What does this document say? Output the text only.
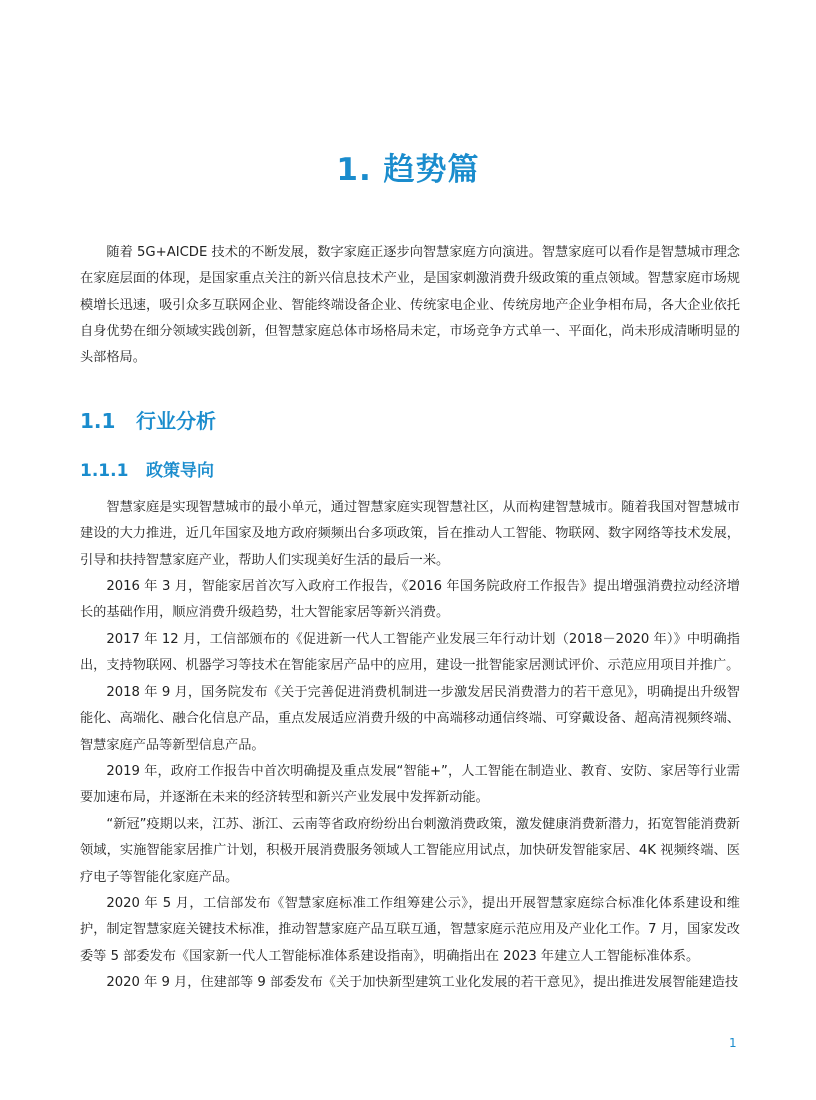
1. 趋势篇

随着 5G+AICDE 技术的不断发展，数字家庭正逐步向智慧家庭方向演进。智慧家庭可以看作是智慧城市理念在家庭层面的体现，是国家重点关注的新兴信息技术产业，是国家刺激消费升级政策的重点领域。智慧家庭市场规模增长迅速，吸引众多互联网企业、智能终端设备企业、传统家电企业、传统房地产企业争相布局，各大企业依托自身优势在细分领域实践创新，但智慧家庭总体市场格局未定，市场竞争方式单一、平面化，尚未形成清晰明显的头部格局。

1.1 行业分析
1.1.1 政策导向

智慧家庭是实现智慧城市的最小单元，通过智慧家庭实现智慧社区，从而构建智慧城市。随着我国对智慧城市建设的大力推进，近几年国家及地方政府频频出台多项政策，旨在推动人工智能、物联网、数字网络等技术发展，引导和扶持智慧家庭产业，帮助人们实现美好生活的最后一米。

2016 年 3 月，智能家居首次写入政府工作报告，《2016 年国务院政府工作报告》提出增强消费拉动经济增长的基础作用，顺应消费升级趋势，壮大智能家居等新兴消费。

2017 年 12 月，工信部颁布的《促进新一代人工智能产业发展三年行动计划（2018－2020 年）》中明确指出，支持物联网、机器学习等技术在智能家居产品中的应用，建设一批智能家居测试评价、示范应用项目并推广。

2018 年 9 月，国务院发布《关于完善促进消费机制进一步激发居民消费潜力的若干意见》，明确提出升级智能化、高端化、融合化信息产品，重点发展适应消费升级的中高端移动通信终端、可穿戴设备、超高清视频终端、智慧家庭产品等新型信息产品。

2019 年，政府工作报告中首次明确提及重点发展“智能+”，人工智能在制造业、教育、安防、家居等行业需要加速布局，并逐渐在未来的经济转型和新兴产业发展中发挥新动能。

“新冠”疫期以来，江苏、浙江、云南等省政府纷纷出台刺激消费政策，激发健康消费新潜力，拓宽智能消费新领域，实施智能家居推广计划，积极开展消费服务领域人工智能应用试点，加快研发智能家居、4K 视频终端、医疗电子等智能化家庭产品。

2020 年 5 月，工信部发布《智慧家庭标准工作组筹建公示》，提出开展智慧家庭综合标准化体系建设和维护，制定智慧家庭关键技术标准，推动智慧家庭产品互联互通，智慧家庭示范应用及产业化工作。7 月，国家发改委等 5 部委发布《国家新一代人工智能标准体系建设指南》，明确指出在 2023 年建立人工智能标准体系。

2020 年 9 月，住建部等 9 部委发布《关于加快新型建筑工业化发展的若干意见》，提出推进发展智能建造技

1
